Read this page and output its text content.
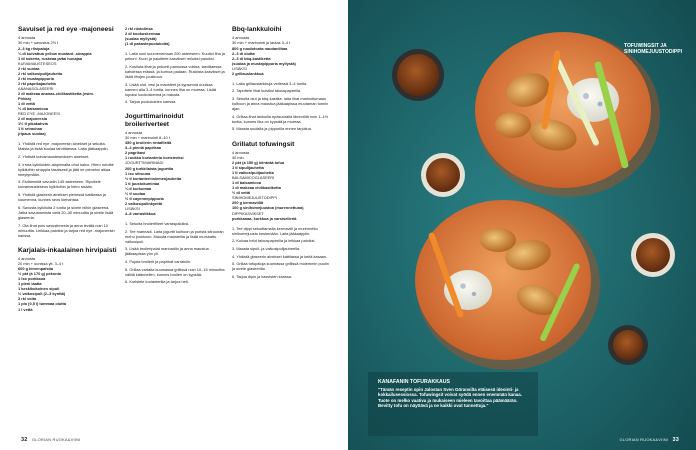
Savuiset ja red eye -majoneesi

4 annosta

30 min + savustus 2½ t

2–3 kg rilsipaloja

¼ dl kuivattua yellow mustard -sinappia

1 dl sokeria, ruskeaa ja/tai hunajaa

KUIVAMAUSTESEOS

2 rkl suolaa

2 rkl valkosipulijauhetta

2 rkl mustapippuria

2 rkl paprikajauhetta

ANANASGLASEERI

2 dl makeaa ananas-chilikastiketta (esim.

Pirkka)

1 dl vettä

½ dl balsamicoa

RED EYE -MAJONEESI

2 dl majoneesia

1½ tl pikakahvia

1 tl srirachaa

(ripaus suolaa)

1. Yhdistä red eye -majoneesin ainekset ja sekoita. Maista ja lisää suolaa tarvittaessa. Laita jääkaappiin.

2. Yhdistä kuivamausteseoksen ainekset.

3. Irrota kylkiluiden alapinnalta ohut kalvo. Hiero ruhotte kylkiluihin sinappia tasaisesti ja jätä ne pieneksi aikaa imeytymään.

4. Esilämmitä savustin 145 asteeseen. Ripottele kuivamausteseos kylkiluihin ja hiero sisään.

5. Yhdistä glaseerin ainekset pienessä kattilassa ja kuumenna, kunnes seos kiehahtaa.

6. Savusta kylkiluita 2 tuntia ja sivele niihin glaseeria. Jatka savustamista vielä 20–30 minuuttia ja sivele lisää glaseeria.

7. Ota lihat pois savustimesta ja anna levätä noin 10 minuuttia. Leikkaa paloiksi ja tarjoa red eye -majoneesin kanssa.

Karjalais-inkaalainen hirvipaisti

4 annosta

20 min + uunissa ylt. 3–4 t

600 g hirvenpaistia

½ pkt (á 170 g) pekonia

1 iso porkkana

1 pieni laatta

1 keskikokoinen sipuli

½ valkosipuli (2–3 kynttä)

3 rkl voita

1 plo (0,5 l) tummaa olutta

1 l vettä

2 rkl rüstolinsa

2 dl kookoskermaa

(suolaa myllystä)

(1 dl pakastepuolukoita)

1. Laita uuni kuumenemaan 200 asteeseen. Kuutioi liha ja pekoni. Kuori ja paloittele kasvikset reiluiksi paloiksi.

2. Kuullota lihat ja pekonit pannussa voissa, tarvittaessa kahdessa erässä, ja kumoa padaan. Ruskista kasvikset ja lisää lihojen joukkoon.

3. Lisää olut, vesi ja mausteet ja kypsennä uunissa kannen alla 3–4 tuntia, kunnes liha on mureaa. Lisää lopuksi kookoskerma ja mausta.

4. Tarjoa puolukoiden kanssa.

Jogurttimarinoidut broileriverteet

4 annosta

30 min + marinointi 8–10 t

450 g broilerin rintafileitä

3–4 pieniä paprikaa

2 pagrikavi

1 ruukku korianteria koristeeksi

JOGURTTIMARINADI

200 g turkkilaista jogurttia

1 iso sitruuna

½ tl korianterinsiemenjauhetta

1 tl juustokuminaa

¼ tl kurkumaa

½ tl suolaa

½ tl cayennepippuria

2 valkosipulinkynttä

LISÄKSI

4–8 varrastikkua

1. Sekoita broilerifileet varraspaloiksi.

2. Tee marinadi. Laita jogurtti kulhoon ja purista sitruunan mehu joukkoon. Mausta mausteilla ja lisää murskattu valkosipuli.

3. Lisää broileripalat marinadiin ja anna maustua jääkaapissa yön yli.

4. Pujota broilerit ja paprikat varraisiin.

5. Grillaa vartaita kuumassa grillissä noin 10–15 minuuttia välillä käännellen, kunnes broileri on kypsää.

6. Koristele korianterilla ja tarjoa heti.

Bbq-lankkuloihi

4 annosta

30 min + marinointi ja lautas 3–4 t

800 g ruodotonta naudanlihaa

2–3 dl olutta

2–3 dl bbq-kastiketta

(suolaa ja mustapippuria myllystä)

LISÄKSI

2 grillauslankkua

1. Laita grillauslankkuja vedessä 3–4 tuntia.

2. Taputtele lihat kuiviksi talouspaperilla.

3. Sekoita olut ja bbq-kastike, laita lihat marinoitumaan kulhoon ja anna maustua jääkaapissa muutaman tunnin ajan.

4. Grillaa lihat lankuilla epäsuoralla lämmöllä noin 1–1½ tuntia, kunnes liha on kypsää ja mureaa.

5. Mausta suolalla ja pippurilla ennen tarjoilua.

Grillatut tofuwingsit

4 annosta

40 min

2 pkt (á 150 g) kiinteää tofua

1 tl sipulijauhetta

1 tl valkosipulijauhetta

BALSAMICOGLASEERI

1 dl balsamicoa

1 dl makeaa chilikastiketta

½ dl vettä

SINIHOMEJUUSTODIPPI

200 g kermaviiliä

100 g sinihomejuustoa (murennettuna)

DIPPIKASVIKSET

porkkanaa, kurkkua ja varsiselleriä

1. Tee dippi sekoittamalla kermaviili ja murennettu sinihomejuusto keskenään. Laita jääkaappiin.

2. Kuivaa tofut talouspaperilla ja leikkaa paloiksi.

3. Mausta sipuli- ja valkosipulijauheella.

4. Yhdistä glaseerin ainekset kattilassa ja keitä kasaan.

5. Grillaa tofupaloja kuumassa grillissä molemmin puolin ja sivele glaseerilla.

6. Tarjoa dipin ja kasvisten kanssa.

32 GLORIAN RUOKA&VIINI
TOFUWINGSIT JA SINIHOMEJUUSTODIPPI
KANAFANIN TOFURAKKAUS
"Tämän reseptin opin Jalostan Sven Göransilta etäisesä ideointi- ja kokkailusessiossa. Tofuwingsit voivat syödä ennen enemmän kanaa. Tuote on melko vaativa ja mukaiseen mieleen tavoittaa päämäärän. Bevitty tofu on näyttävä ja ne kaikki ovat tunnettuja."
GLORIAN RUOKA&VIINI 33
